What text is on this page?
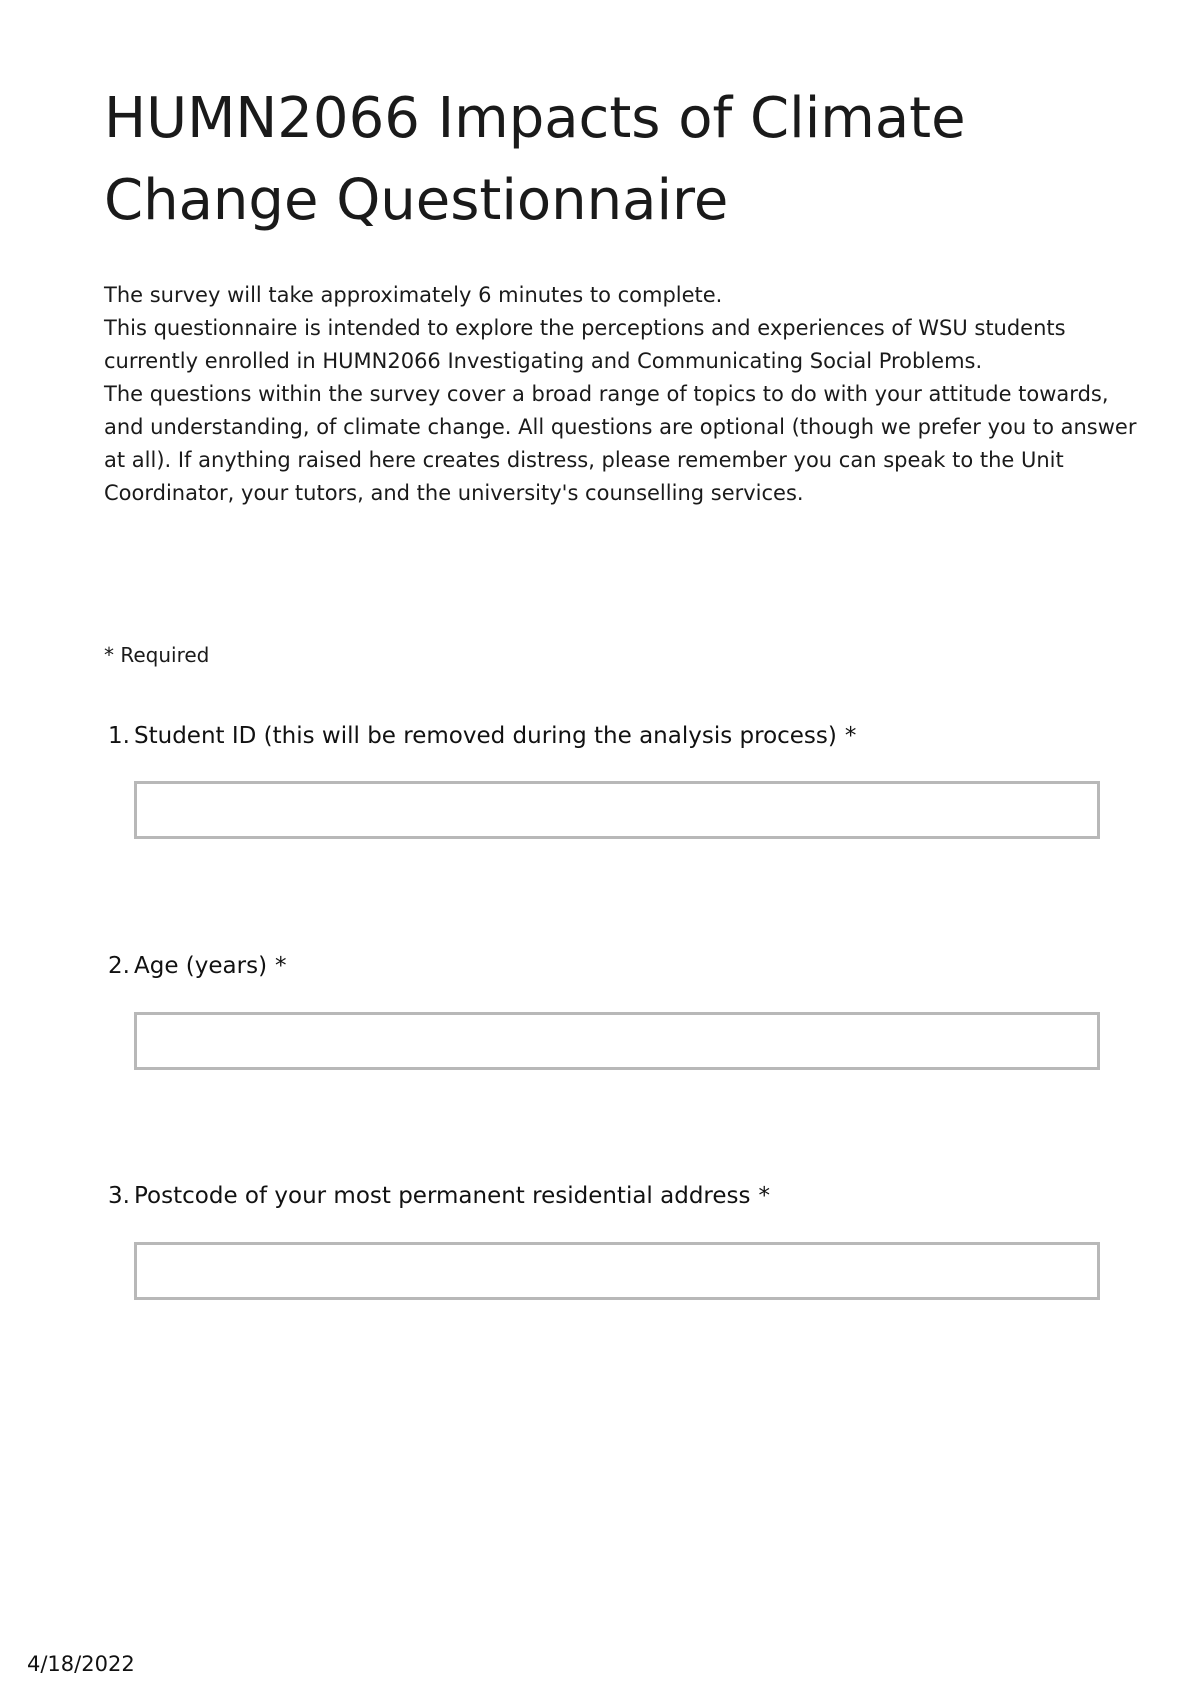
HUMN2066 Impacts of Climate Change Questionnaire

The survey will take approximately 6 minutes to complete.

This questionnaire is intended to explore the perceptions and experiences of WSU students currently enrolled in HUMN2066 Investigating and Communicating Social Problems.

The questions within the survey cover a broad range of topics to do with your attitude towards, and understanding, of climate change. All questions are optional (though we prefer you to answer at all). If anything raised here creates distress, please remember you can speak to the Unit Coordinator, your tutors, and the university's counselling services.

* Required
1. Student ID (this will be removed during the analysis process) *
2. Age (years) *
3. Postcode of your most permanent residential address *
4/18/2022
